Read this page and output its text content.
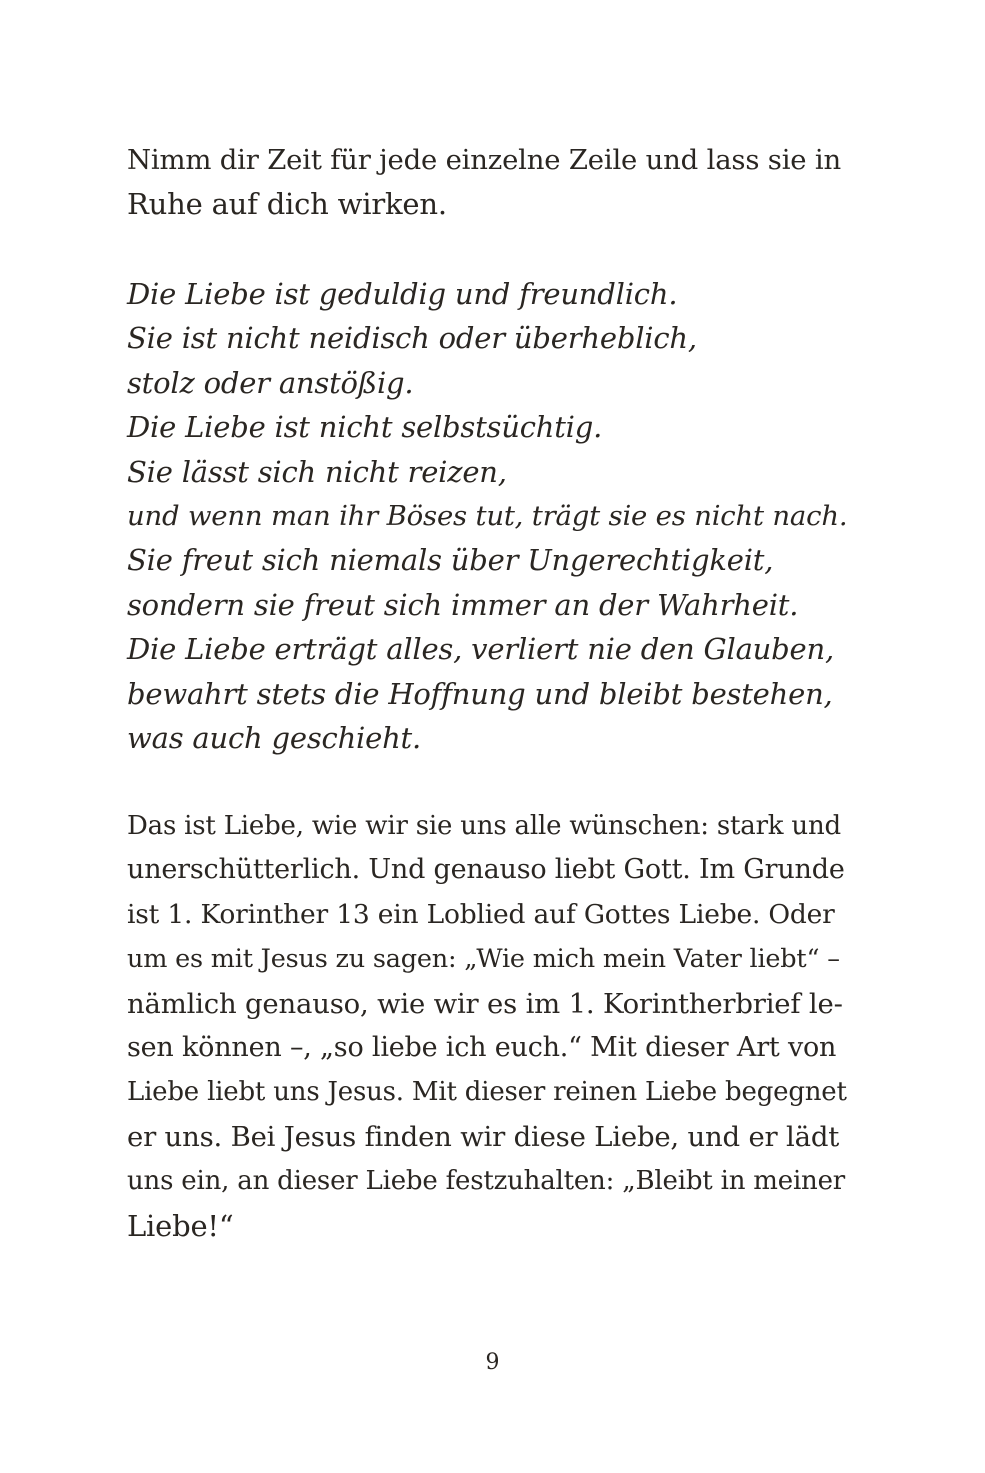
Nimm dir Zeit für jede einzelne Zeile und lass sie in
Ruhe auf dich wirken.
Die Liebe ist geduldig und freundlich.
Sie ist nicht neidisch oder überheblich,
stolz oder anstößig.
Die Liebe ist nicht selbstsüchtig.
Sie lässt sich nicht reizen,
und wenn man ihr Böses tut, trägt sie es nicht nach.
Sie freut sich niemals über Ungerechtigkeit,
sondern sie freut sich immer an der Wahrheit.
Die Liebe erträgt alles, verliert nie den Glauben,
bewahrt stets die Hoffnung und bleibt bestehen,
was auch geschieht.
Das ist Liebe, wie wir sie uns alle wünschen: stark und
unerschütterlich. Und genauso liebt Gott. Im Grunde
ist 1. Korinther 13 ein Loblied auf Gottes Liebe. Oder
um es mit Jesus zu sagen: „Wie mich mein Vater liebt“ –
nämlich genauso, wie wir es im 1. Korintherbrief le-
sen können –, „so liebe ich euch.“ Mit dieser Art von
Liebe liebt uns Jesus. Mit dieser reinen Liebe begegnet
er uns. Bei Jesus finden wir diese Liebe, und er lädt
uns ein, an dieser Liebe festzuhalten: „Bleibt in meiner
Liebe!“
9
